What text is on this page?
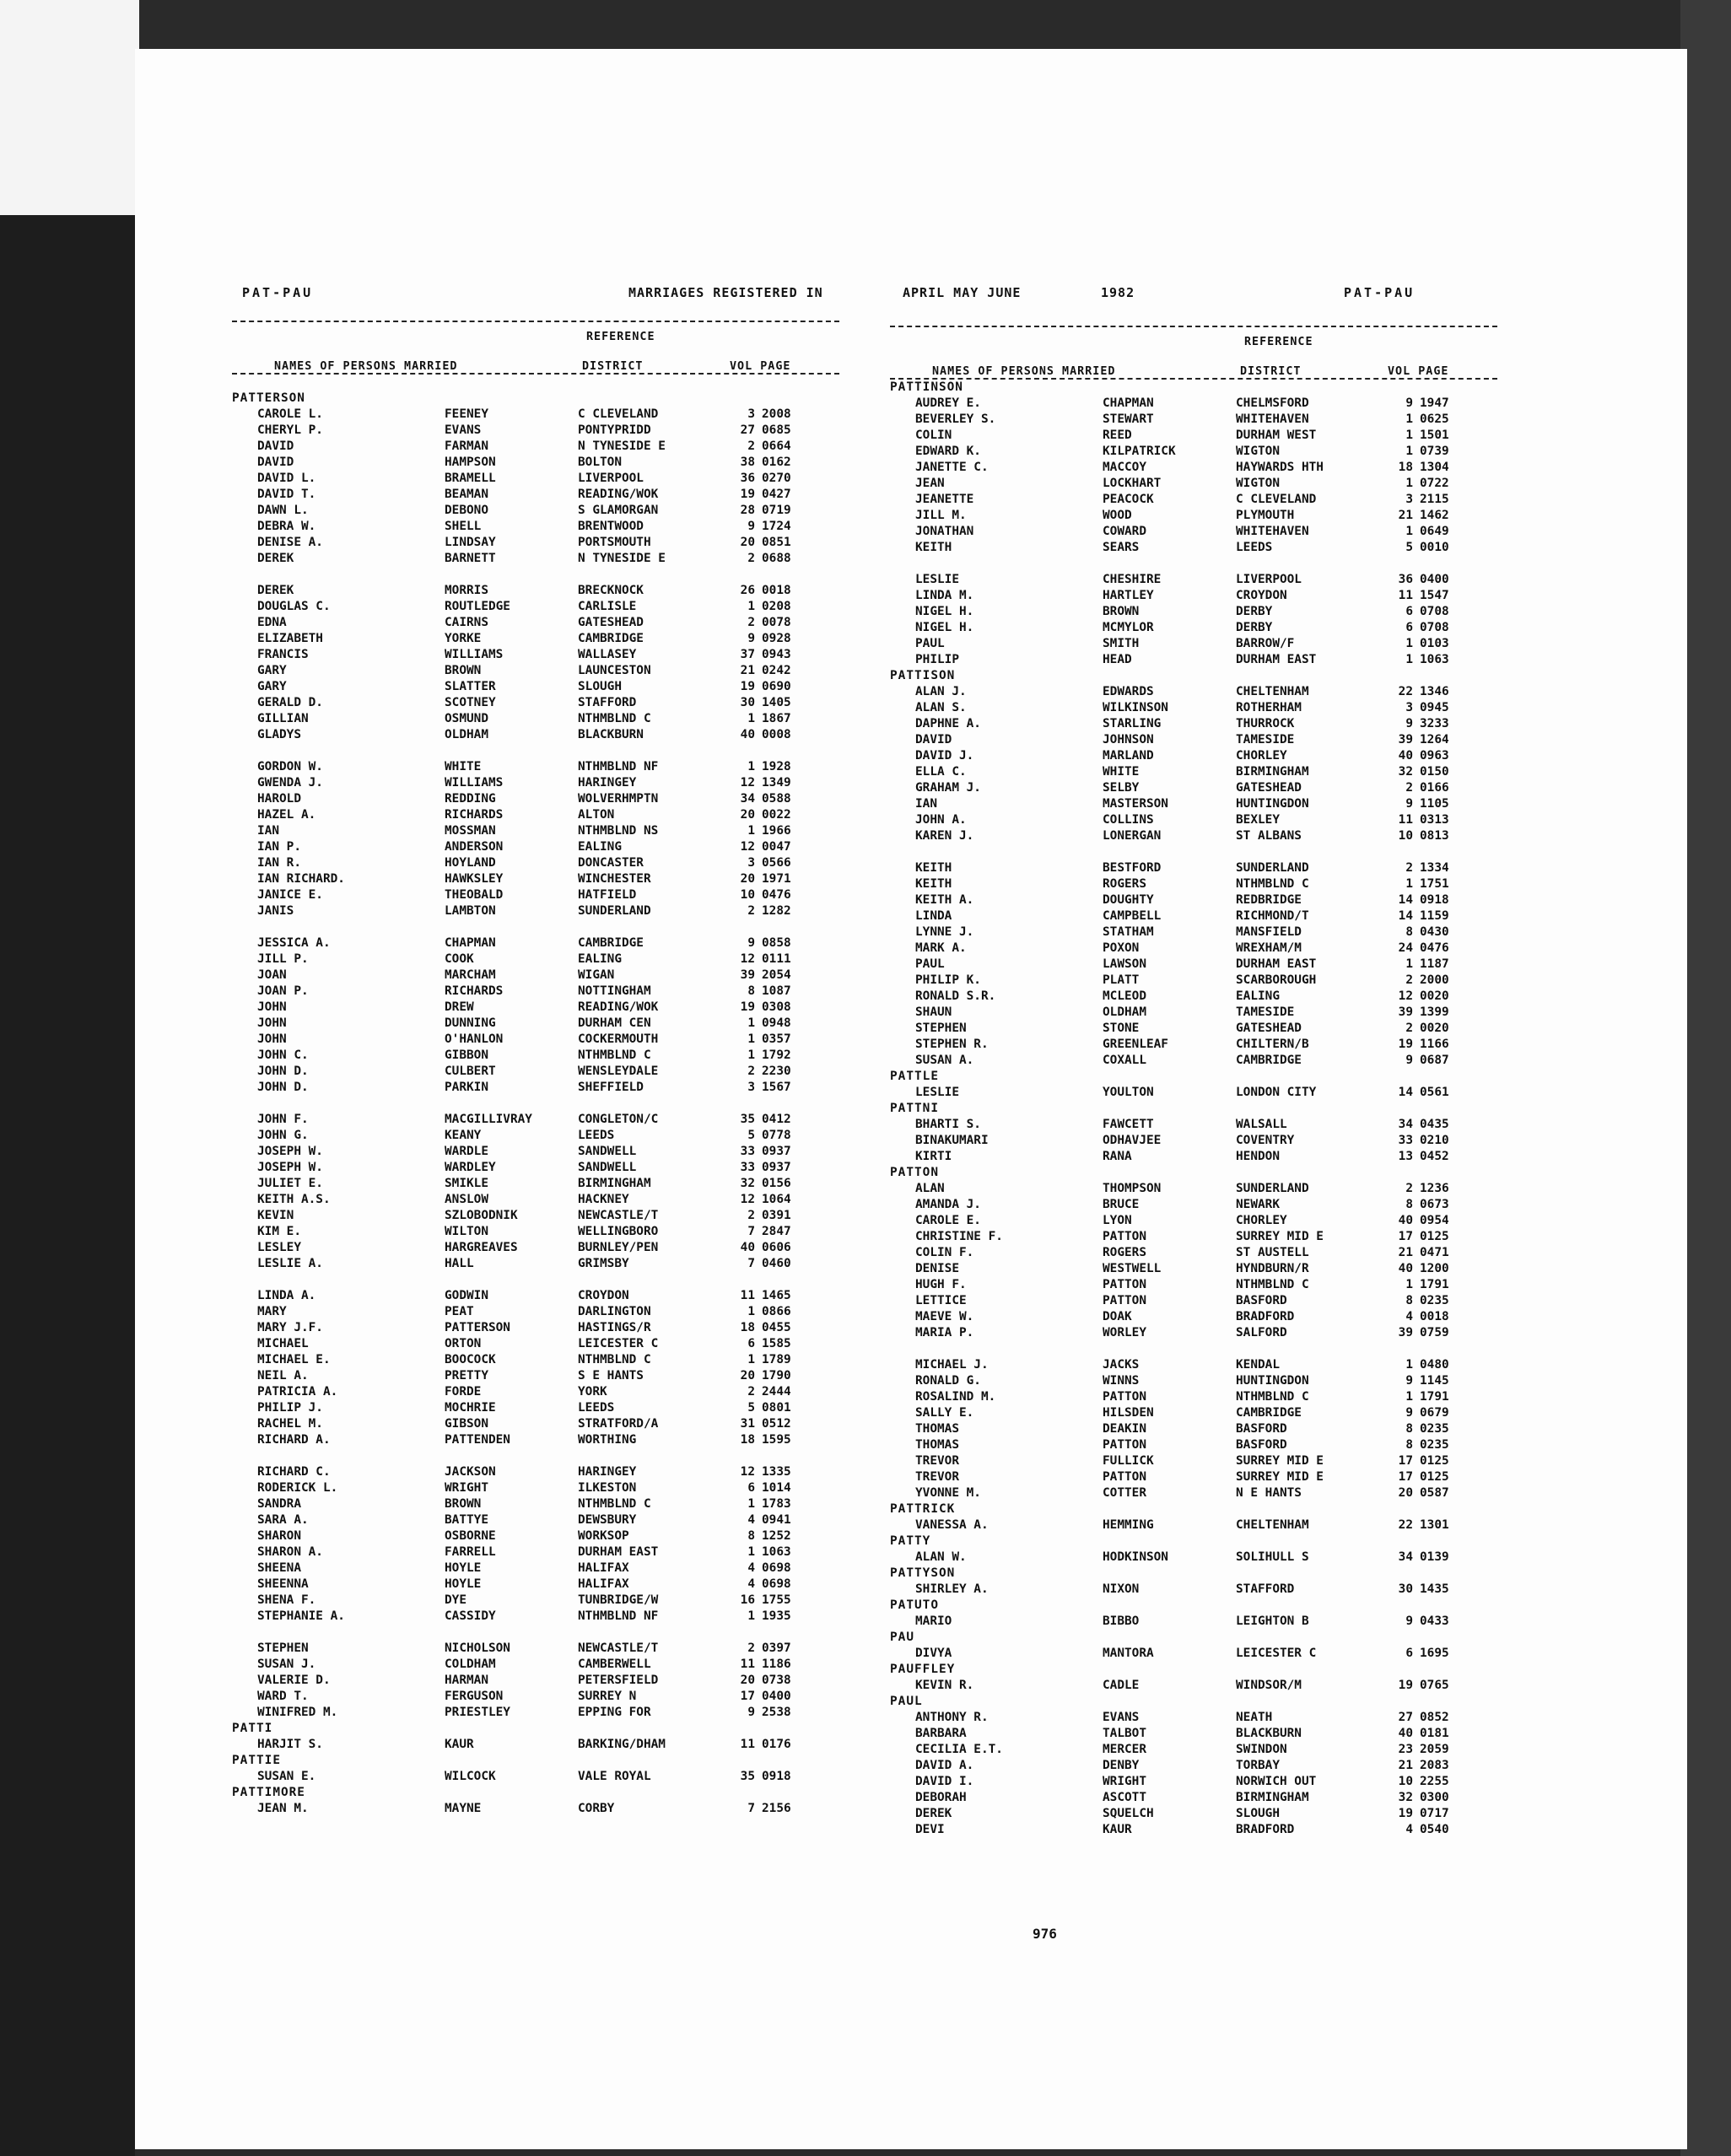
PAT-PAU	MARRIAGES REGISTERED IN	APRIL MAY JUNE	1982	PAT-PAU
REFERENCE
NAMES OF PERSONS MARRIED	DISTRICT	VOL PAGE
PATTERSON
CAROLE L.	FEENEY	C CLEVELAND	3 2008
CHERYL P.	EVANS	PONTYPRIDD	27 0685
DAVID	FARMAN	N TYNESIDE E	2 0664
DAVID	HAMPSON	BOLTON	38 0162
DAVID L.	BRAMELL	LIVERPOOL	36 0270
DAVID T.	BEAMAN	READING/WOK	19 0427
DAWN L.	DEBONO	S GLAMORGAN	28 0719
DEBRA W.	SHELL	BRENTWOOD	9 1724
DENISE A.	LINDSAY	PORTSMOUTH	20 0851
DEREK	BARNETT	N TYNESIDE E	2 0688
DEREK	MORRIS	BRECKNOCK	26 0018
DOUGLAS C.	ROUTLEDGE	CARLISLE	1 0208
EDNA	CAIRNS	GATESHEAD	2 0078
ELIZABETH	YORKE	CAMBRIDGE	9 0928
FRANCIS	WILLIAMS	WALLASEY	37 0943
GARY	BROWN	LAUNCESTON	21 0242
GARY	SLATTER	SLOUGH	19 0690
GERALD D.	SCOTNEY	STAFFORD	30 1405
GILLIAN	OSMUND	NTHMBLND C	1 1867
GLADYS	OLDHAM	BLACKBURN	40 0008
GORDON W.	WHITE	NTHMBLND NF	1 1928
GWENDA J.	WILLIAMS	HARINGEY	12 1349
HAROLD	REDDING	WOLVERHMPTN	34 0588
HAZEL A.	RICHARDS	ALTON	20 0022
IAN	MOSSMAN	NTHMBLND NS	1 1966
IAN P.	ANDERSON	EALING	12 0047
IAN R.	HOYLAND	DONCASTER	3 0566
IAN RICHARD.	HAWKSLEY	WINCHESTER	20 1971
JANICE E.	THEOBALD	HATFIELD	10 0476
JANIS	LAMBTON	SUNDERLAND	2 1282
JESSICA A.	CHAPMAN	CAMBRIDGE	9 0858
JILL P.	COOK	EALING	12 0111
JOAN	MARCHAM	WIGAN	39 2054
JOAN P.	RICHARDS	NOTTINGHAM	8 1087
JOHN	DREW	READING/WOK	19 0308
JOHN	DUNNING	DURHAM CEN	1 0948
JOHN	O'HANLON	COCKERMOUTH	1 0357
JOHN C.	GIBBON	NTHMBLND C	1 1792
JOHN D.	CULBERT	WENSLEYDALE	2 2230
JOHN D.	PARKIN	SHEFFIELD	3 1567
JOHN F.	MACGILLIVRAY	CONGLETON/C	35 0412
JOHN G.	KEANY	LEEDS	5 0778
JOSEPH W.	WARDLE	SANDWELL	33 0937
JOSEPH W.	WARDLEY	SANDWELL	33 0937
JULIET E.	SMIKLE	BIRMINGHAM	32 0156
KEITH A.S.	ANSLOW	HACKNEY	12 1064
KEVIN	SZLOBODNIK	NEWCASTLE/T	2 0391
KIM E.	WILTON	WELLINGBORO	7 2847
LESLEY	HARGREAVES	BURNLEY/PEN	40 0606
LESLIE A.	HALL	GRIMSBY	7 0460
LINDA A.	GODWIN	CROYDON	11 1465
MARY	PEAT	DARLINGTON	1 0866
MARY J.F.	PATTERSON	HASTINGS/R	18 0455
MICHAEL	ORTON	LEICESTER C	6 1585
MICHAEL E.	BOOCOCK	NTHMBLND C	1 1789
NEIL A.	PRETTY	S E HANTS	20 1790
PATRICIA A.	FORDE	YORK	2 2444
PHILIP J.	MOCHRIE	LEEDS	5 0801
RACHEL M.	GIBSON	STRATFORD/A	31 0512
RICHARD A.	PATTENDEN	WORTHING	18 1595
RICHARD C.	JACKSON	HARINGEY	12 1335
RODERICK L.	WRIGHT	ILKESTON	6 1014
SANDRA	BROWN	NTHMBLND C	1 1783
SARA A.	BATTYE	DEWSBURY	4 0941
SHARON	OSBORNE	WORKSOP	8 1252
SHARON A.	FARRELL	DURHAM EAST	1 1063
SHEENA	HOYLE	HALIFAX	4 0698
SHEENNA	HOYLE	HALIFAX	4 0698
SHENA F.	DYE	TUNBRIDGE/W	16 1755
STEPHANIE A.	CASSIDY	NTHMBLND NF	1 1935
STEPHEN	NICHOLSON	NEWCASTLE/T	2 0397
SUSAN J.	COLDHAM	CAMBERWELL	11 1186
VALERIE D.	HARMAN	PETERSFIELD	20 0738
WARD T.	FERGUSON	SURREY N	17 0400
WINIFRED M.	PRIESTLEY	EPPING FOR	9 2538
PATTI
HARJIT S.	KAUR	BARKING/DHAM	11 0176
PATTIE
SUSAN E.	WILCOCK	VALE ROYAL	35 0918
PATTIMORE
JEAN M.	MAYNE	CORBY	7 2156
REFERENCE
NAMES OF PERSONS MARRIED	DISTRICT	VOL PAGE
PATTINSON
AUDREY E.	CHAPMAN	CHELMSFORD	9 1947
BEVERLEY S.	STEWART	WHITEHAVEN	1 0625
COLIN	REED	DURHAM WEST	1 1501
EDWARD K.	KILPATRICK	WIGTON	1 0739
JANETTE C.	MACCOY	HAYWARDS HTH	18 1304
JEAN	LOCKHART	WIGTON	1 0722
JEANETTE	PEACOCK	C CLEVELAND	3 2115
JILL M.	WOOD	PLYMOUTH	21 1462
JONATHAN	COWARD	WHITEHAVEN	1 0649
KEITH	SEARS	LEEDS	5 0010
LESLIE	CHESHIRE	LIVERPOOL	36 0400
LINDA M.	HARTLEY	CROYDON	11 1547
NIGEL H.	BROWN	DERBY	6 0708
NIGEL H.	MCMYLOR	DERBY	6 0708
PAUL	SMITH	BARROW/F	1 0103
PHILIP	HEAD	DURHAM EAST	1 1063
PATTISON
ALAN J.	EDWARDS	CHELTENHAM	22 1346
ALAN S.	WILKINSON	ROTHERHAM	3 0945
DAPHNE A.	STARLING	THURROCK	9 3233
DAVID	JOHNSON	TAMESIDE	39 1264
DAVID J.	MARLAND	CHORLEY	40 0963
ELLA C.	WHITE	BIRMINGHAM	32 0150
GRAHAM J.	SELBY	GATESHEAD	2 0166
IAN	MASTERSON	HUNTINGDON	9 1105
JOHN A.	COLLINS	BEXLEY	11 0313
KAREN J.	LONERGAN	ST ALBANS	10 0813
KEITH	BESTFORD	SUNDERLAND	2 1334
KEITH	ROGERS	NTHMBLND C	1 1751
KEITH A.	DOUGHTY	REDBRIDGE	14 0918
LINDA	CAMPBELL	RICHMOND/T	14 1159
LYNNE J.	STATHAM	MANSFIELD	8 0430
MARK A.	POXON	WREXHAM/M	24 0476
PAUL	LAWSON	DURHAM EAST	1 1187
PHILIP K.	PLATT	SCARBOROUGH	2 2000
RONALD S.R.	MCLEOD	EALING	12 0020
SHAUN	OLDHAM	TAMESIDE	39 1399
STEPHEN	STONE	GATESHEAD	2 0020
STEPHEN R.	GREENLEAF	CHILTERN/B	19 1166
SUSAN A.	COXALL	CAMBRIDGE	9 0687
PATTLE
LESLIE	YOULTON	LONDON CITY	14 0561
PATTNI
BHARTI S.	FAWCETT	WALSALL	34 0435
BINAKUMARI	ODHAVJEE	COVENTRY	33 0210
KIRTI	RANA	HENDON	13 0452
PATTON
ALAN	THOMPSON	SUNDERLAND	2 1236
AMANDA J.	BRUCE	NEWARK	8 0673
CAROLE E.	LYON	CHORLEY	40 0954
CHRISTINE F.	PATTON	SURREY MID E	17 0125
COLIN F.	ROGERS	ST AUSTELL	21 0471
DENISE	WESTWELL	HYNDBURN/R	40 1200
HUGH F.	PATTON	NTHMBLND C	1 1791
LETTICE	PATTON	BASFORD	8 0235
MAEVE W.	DOAK	BRADFORD	4 0018
MARIA P.	WORLEY	SALFORD	39 0759
MICHAEL J.	JACKS	KENDAL	1 0480
RONALD G.	WINNS	HUNTINGDON	9 1145
ROSALIND M.	PATTON	NTHMBLND C	1 1791
SALLY E.	HILSDEN	CAMBRIDGE	9 0679
THOMAS	DEAKIN	BASFORD	8 0235
THOMAS	PATTON	BASFORD	8 0235
TREVOR	FULLICK	SURREY MID E	17 0125
TREVOR	PATTON	SURREY MID E	17 0125
YVONNE M.	COTTER	N E HANTS	20 0587
PATTRICK
VANESSA A.	HEMMING	CHELTENHAM	22 1301
PATTY
ALAN W.	HODKINSON	SOLIHULL S	34 0139
PATTYSON
SHIRLEY A.	NIXON	STAFFORD	30 1435
PATUTO
MARIO	BIBBO	LEIGHTON B	9 0433
PAU
DIVYA	MANTORA	LEICESTER C	6 1695
PAUFFLEY
KEVIN R.	CADLE	WINDSOR/M	19 0765
PAUL
ANTHONY R.	EVANS	NEATH	27 0852
BARBARA	TALBOT	BLACKBURN	40 0181
CECILIA E.T.	MERCER	SWINDON	23 2059
DAVID A.	DENBY	TORBAY	21 2083
DAVID I.	WRIGHT	NORWICH OUT	10 2255
DEBORAH	ASCOTT	BIRMINGHAM	32 0300
DEREK	SQUELCH	SLOUGH	19 0717
DEVI	KAUR	BRADFORD	4 0540
976
